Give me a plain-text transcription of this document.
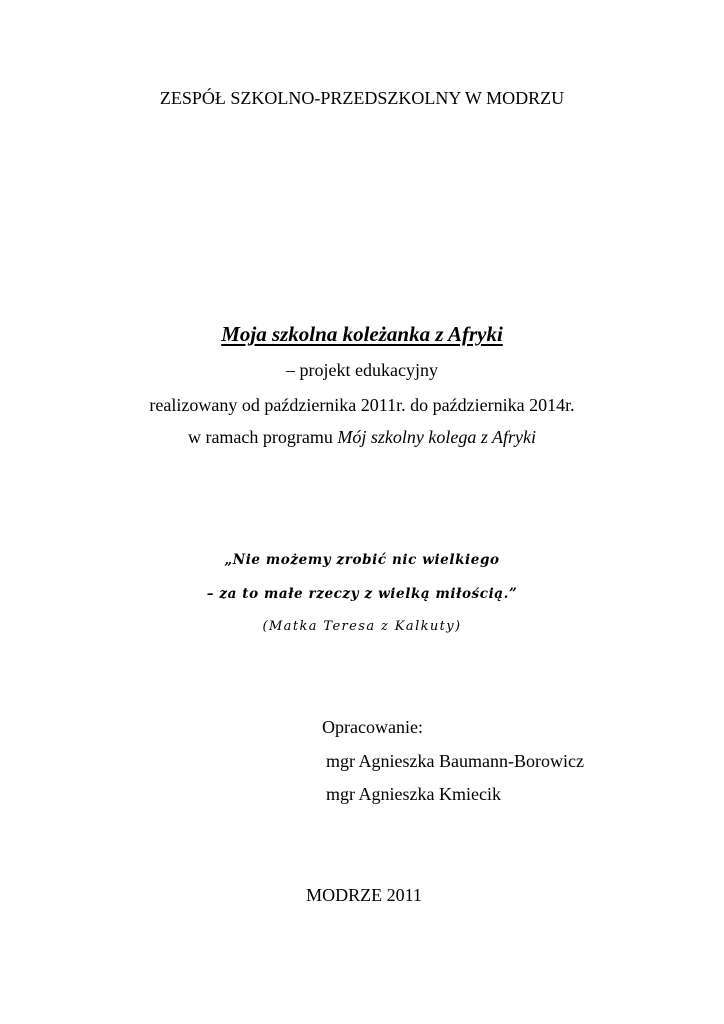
ZESPÓŁ SZKOLNO-PRZEDSZKOLNY W MODRZU
Moja szkolna koleżanka z Afryki
– projekt edukacyjny
realizowany od października 2011r. do października 2014r.
w ramach programu Mój szkolny kolega z Afryki
„Nie możemy zrobić nic wielkiego
– za to małe rzeczy z wielką miłością.”
(Matka Teresa z Kalkuty)
Opracowanie:
mgr Agnieszka Baumann-Borowicz
mgr Agnieszka Kmiecik
MODRZE 2011
